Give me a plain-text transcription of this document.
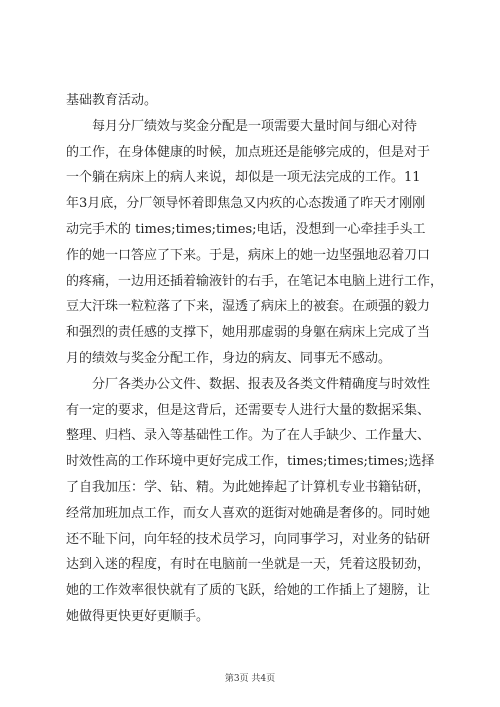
基础教育活动。
　　每月分厂绩效与奖金分配是一项需要大量时间与细心对待
的工作，在身体健康的时候，加点班还是能够完成的，但是对于
一个躺在病床上的病人来说，却似是一项无法完成的工作。11
年3月底，分厂领导怀着即焦急又内疚的心态拨通了昨天才刚刚
动完手术的 times;times;times;电话，没想到一心牵挂手头工
作的她一口答应了下来。于是，病床上的她一边坚强地忍着刀口
的疼痛，一边用还插着输液针的右手，在笔记本电脑上进行工作，
豆大汗珠一粒粒落了下来，湿透了病床上的被套。在顽强的毅力
和强烈的责任感的支撑下，她用那虚弱的身躯在病床上完成了当
月的绩效与奖金分配工作，身边的病友、同事无不感动。
　　分厂各类办公文件、数据、报表及各类文件精确度与时效性
有一定的要求，但是这背后，还需要专人进行大量的数据采集、
整理、归档、录入等基础性工作。为了在人手缺少、工作量大、
时效性高的工作环境中更好完成工作，times;times;times;选择
了自我加压：学、钻、精。为此她捧起了计算机专业书籍钻研，
经常加班加点工作，而女人喜欢的逛街对她确是奢侈的。同时她
还不耻下问，向年轻的技术员学习，向同事学习，对业务的钻研
达到入迷的程度，有时在电脑前一坐就是一天，凭着这股韧劲，
她的工作效率很快就有了质的飞跃，给她的工作插上了翅膀，让
她做得更快更好更顺手。
第3页 共4页
